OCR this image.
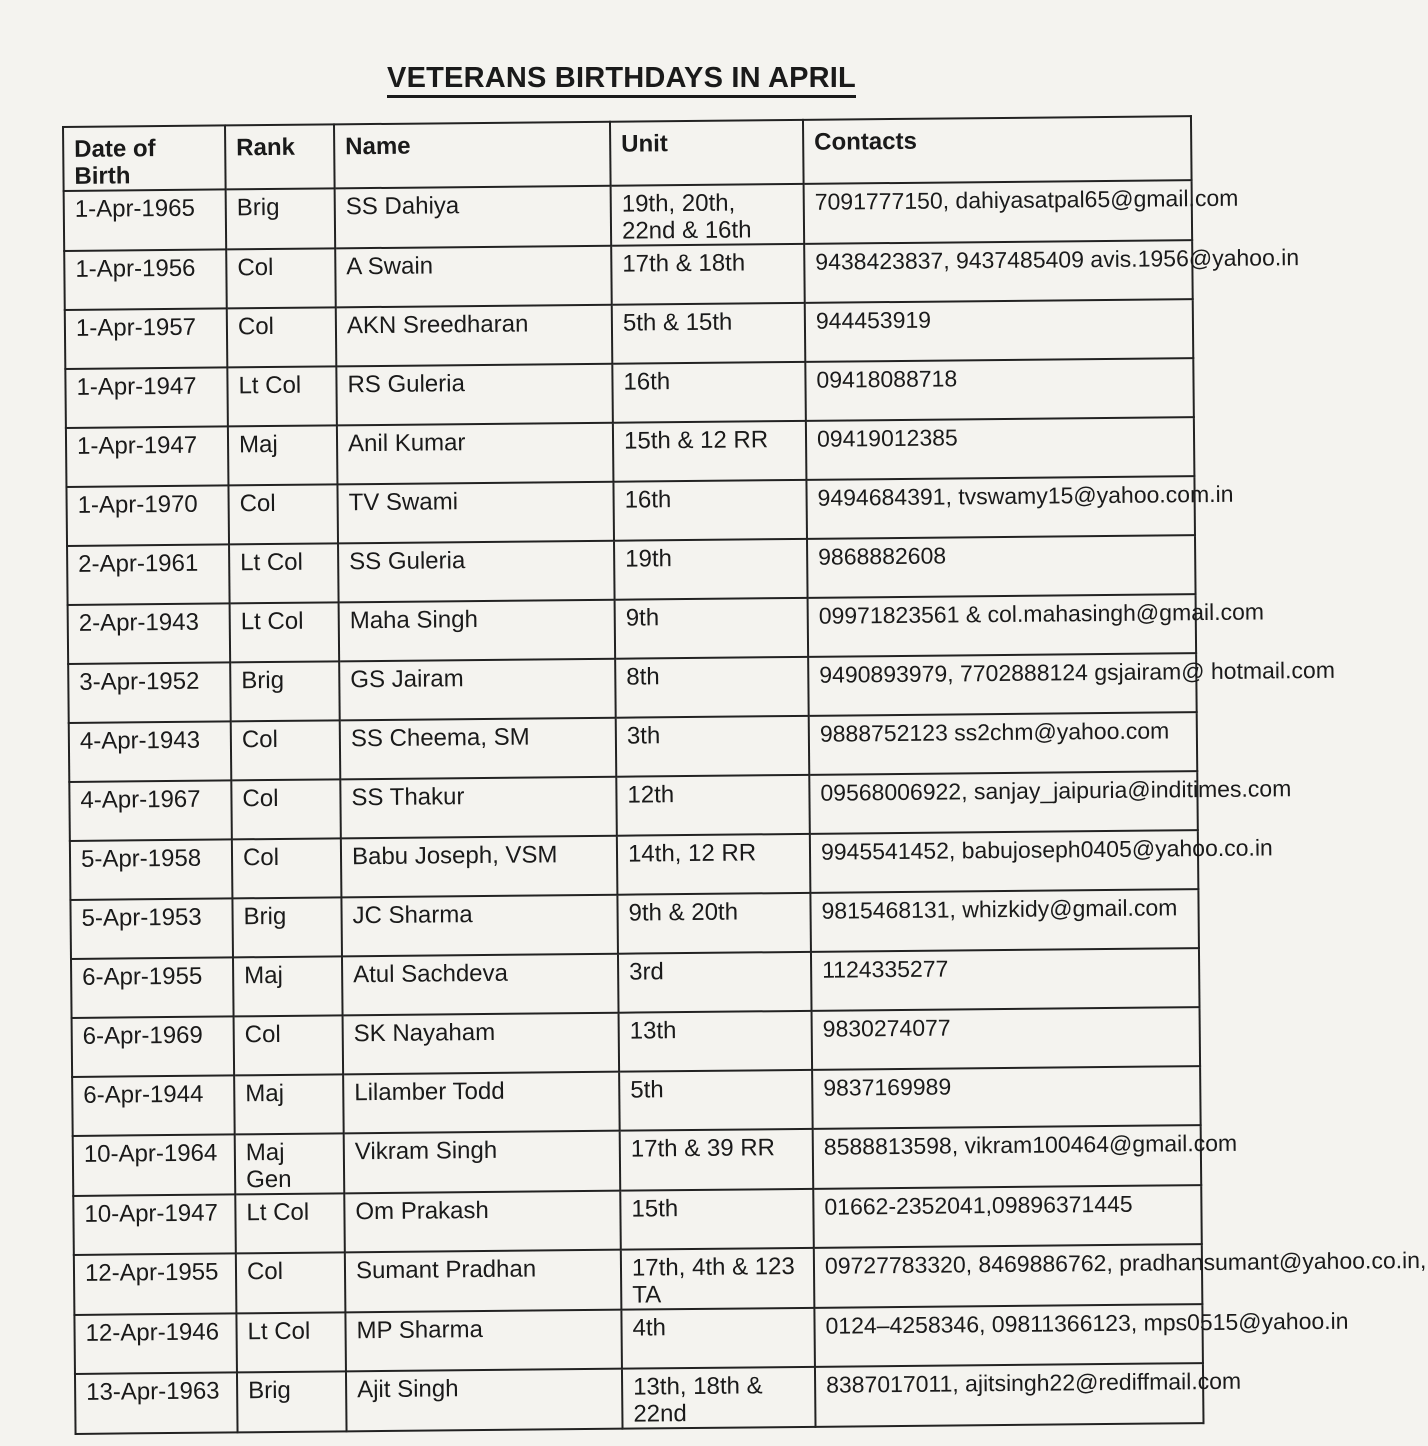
VETERANS BIRTHDAYS IN APRIL
Date of Birth	Rank	Name	Unit	Contacts
1-Apr-1965	Brig	SS Dahiya	19th, 20th, 22nd & 16th	7091777150, dahiyasatpal65@gmail.com
1-Apr-1956	Col	A Swain	17th & 18th	9438423837, 9437485409 avis.1956@yahoo.in
1-Apr-1957	Col	AKN Sreedharan	5th & 15th	944453919
1-Apr-1947	Lt Col	RS Guleria	16th	09418088718
1-Apr-1947	Maj	Anil Kumar	15th & 12 RR	09419012385
1-Apr-1970	Col	TV Swami	16th	9494684391, tvswamy15@yahoo.com.in
2-Apr-1961	Lt Col	SS Guleria	19th	9868882608
2-Apr-1943	Lt Col	Maha Singh	9th	09971823561 & col.mahasingh@gmail.com
3-Apr-1952	Brig	GS Jairam	8th	9490893979, 7702888124 gsjairam@ hotmail.com
4-Apr-1943	Col	SS Cheema, SM	3th	9888752123 ss2chm@yahoo.com
4-Apr-1967	Col	SS Thakur	12th	09568006922, sanjay_jaipuria@inditimes.com
5-Apr-1958	Col	Babu Joseph, VSM	14th, 12 RR	9945541452, babujoseph0405@yahoo.co.in
5-Apr-1953	Brig	JC Sharma	9th & 20th	9815468131, whizkidy@gmail.com
6-Apr-1955	Maj	Atul Sachdeva	3rd	1124335277
6-Apr-1969	Col	SK Nayaham	13th	9830274077
6-Apr-1944	Maj	Lilamber Todd	5th	9837169989
10-Apr-1964	Maj Gen	Vikram Singh	17th & 39 RR	8588813598, vikram100464@gmail.com
10-Apr-1947	Lt Col	Om Prakash	15th	01662-2352041,09896371445
12-Apr-1955	Col	Sumant Pradhan	17th, 4th & 123 TA	09727783320, 8469886762, pradhansumant@yahoo.co.in,
12-Apr-1946	Lt Col	MP Sharma	4th	0124–4258346, 09811366123, mps0515@yahoo.in
13-Apr-1963	Brig	Ajit Singh	13th, 18th & 22nd	8387017011, ajitsingh22@rediffmail.com
